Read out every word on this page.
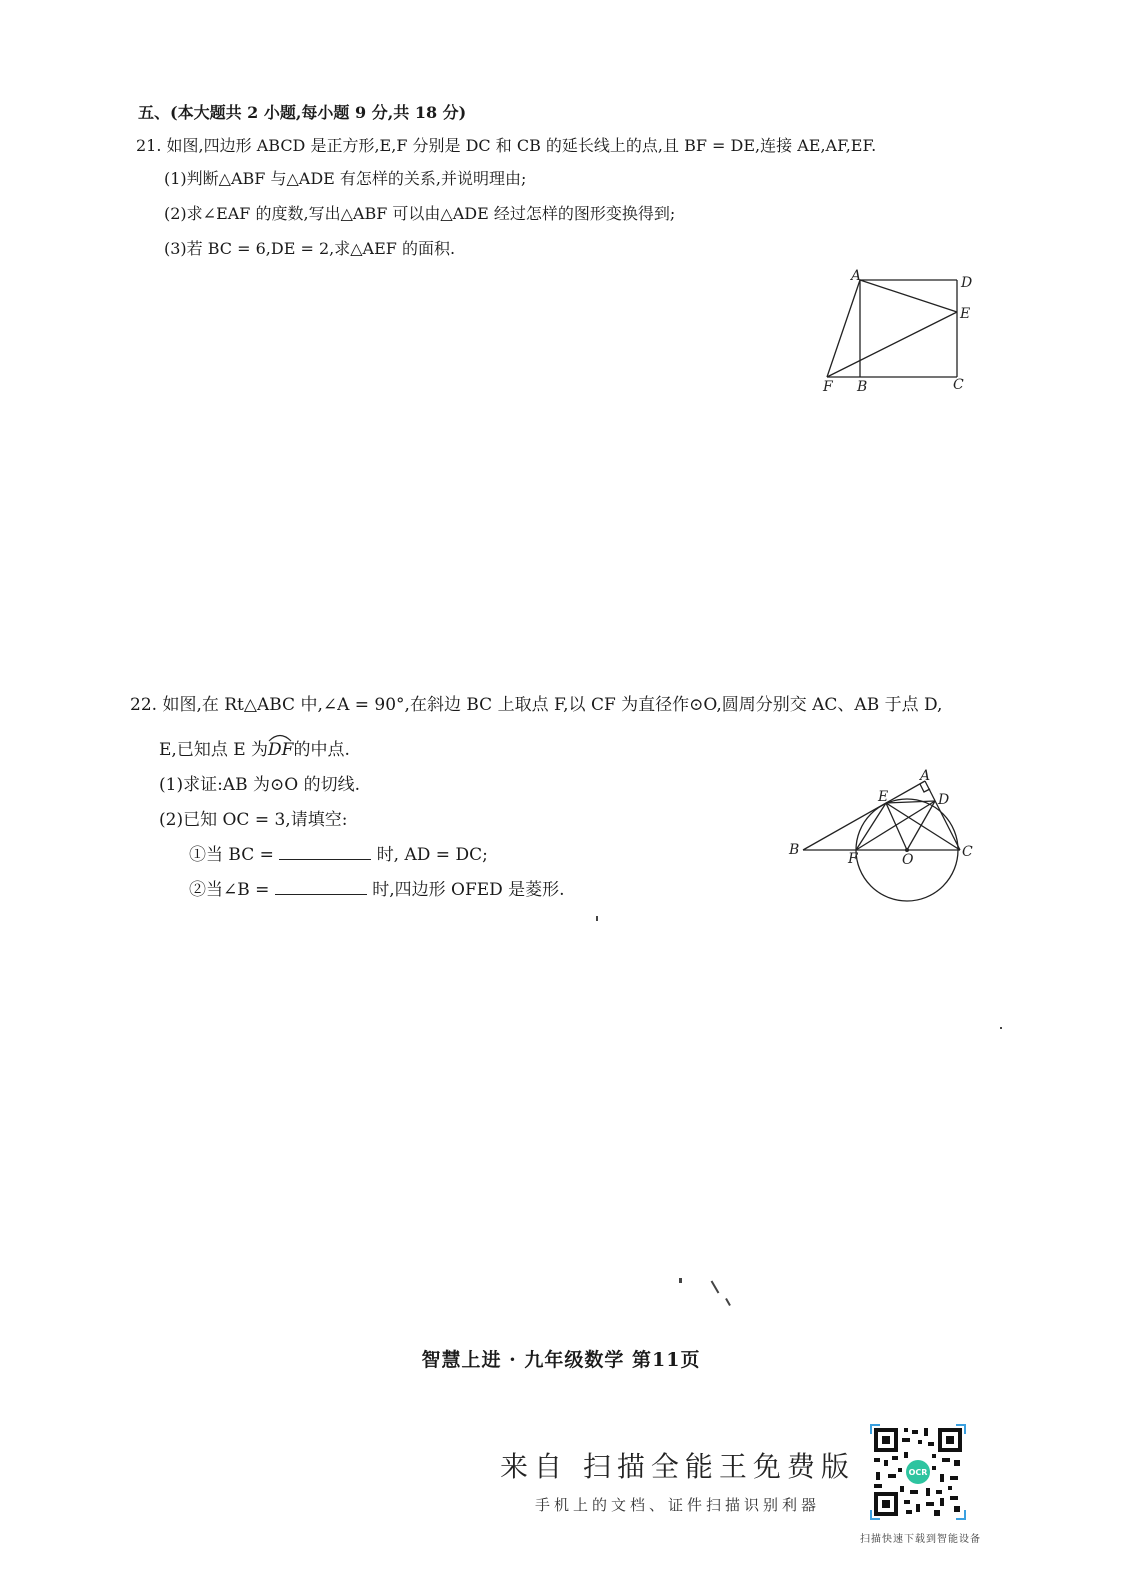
五、(本大题共 2 小题,每小题 9 分,共 18 分)
21. 如图,四边形 ABCD 是正方形,E,F 分别是 DC 和 CB 的延长线上的点,且 BF = DE,连接 AE,AF,EF.
(1)判断△ABF 与△ADE 有怎样的关系,并说明理由;
(2)求∠EAF 的度数,写出△ABF 可以由△ADE 经过怎样的图形变换得到;
(3)若 BC = 6,DE = 2,求△AEF 的面积.
A	D
E
F B	C
22. 如图,在 Rt△ABC 中,∠A = 90°,在斜边 BC 上取点 F,以 CF 为直径作⊙O,圆周分别交 AC、AB 于点 D,
E,已知点 E 为DF
的中点.
(1)求证:AB 为⊙O 的切线.
(2)已知 OC = 3,请填空:
①当 BC =	时, AD = DC;
②当∠B =	时,四边形 OFED 是菱形.
A
E	D
B
F	O	C
智慧上进 · 九年级数学 第11页
来自 扫描全能王免费版
手机上的文档、证件扫描识别利器
OCR
扫描快速下载到智能设备
